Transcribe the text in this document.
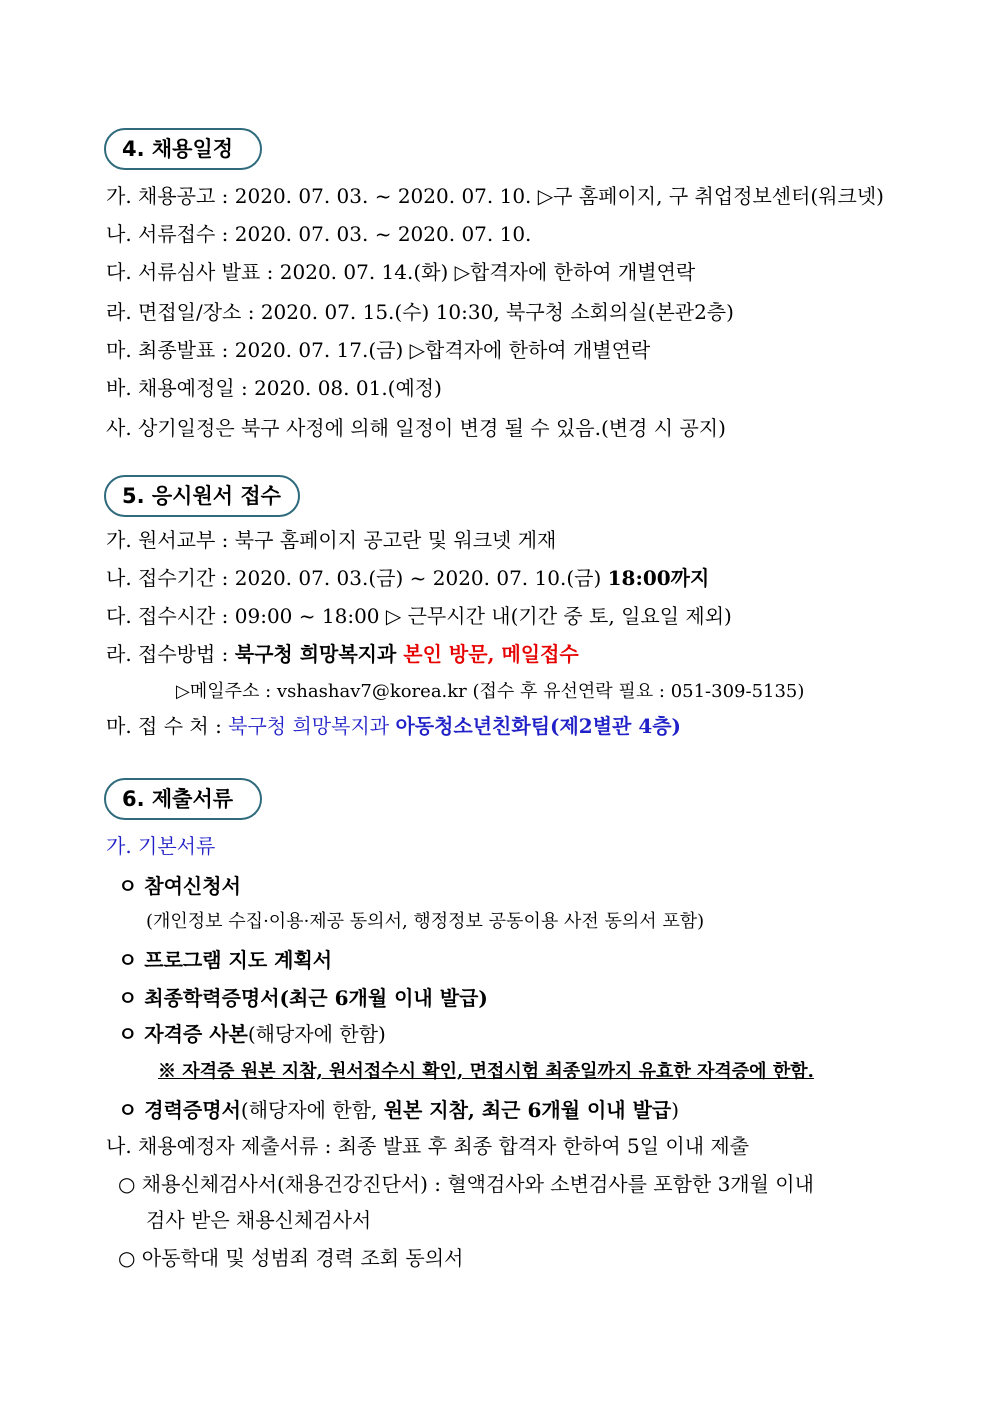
4. 채용일정
가. 채용공고 : 2020. 07. 03. ~ 2020. 07. 10. ▷구 홈페이지, 구 취업정보센터(워크넷)
나. 서류접수 : 2020. 07. 03. ~ 2020. 07. 10.
다. 서류심사 발표 : 2020. 07. 14.(화) ▷합격자에 한하여 개별연락
라. 면접일/장소 : 2020. 07. 15.(수) 10:30, 북구청 소회의실(본관2층)
마. 최종발표 : 2020. 07. 17.(금) ▷합격자에 한하여 개별연락
바. 채용예정일 : 2020. 08. 01.(예정)
사. 상기일정은 북구 사정에 의해 일정이 변경 될 수 있음.(변경 시 공지)
5. 응시원서 접수
가. 원서교부 : 북구 홈페이지 공고란 및 워크넷 게재
나. 접수기간 : 2020. 07. 03.(금) ~ 2020. 07. 10.(금) 18:00까지
다. 접수시간 : 09:00 ~ 18:00 ▷ 근무시간 내(기간 중 토, 일요일 제외)
라. 접수방법 : 북구청 희망복지과 본인 방문, 메일접수
▷메일주소 : vshashav7@korea.kr (접수 후 유선연락 필요 : 051-309-5135)
마. 접 수 처 : 북구청 희망복지과 아동청소년친화팀(제2별관 4층)
6. 제출서류
가. 기본서류
ㅇ 참여신청서
(개인정보 수집·이용·제공 동의서, 행정정보 공동이용 사전 동의서 포함)
ㅇ 프로그램 지도 계획서
ㅇ 최종학력증명서(최근 6개월 이내 발급)
ㅇ 자격증 사본(해당자에 한함)
※ 자격증 원본 지참, 원서접수시 확인, 면접시험 최종일까지 유효한 자격증에 한함.
ㅇ 경력증명서(해당자에 한함, 원본 지참, 최근 6개월 이내 발급)
나. 채용예정자 제출서류 : 최종 발표 후 최종 합격자 한하여 5일 이내 제출
○ 채용신체검사서(채용건강진단서) : 혈액검사와 소변검사를 포함한 3개월 이내
검사 받은 채용신체검사서
○ 아동학대 및 성범죄 경력 조회 동의서
